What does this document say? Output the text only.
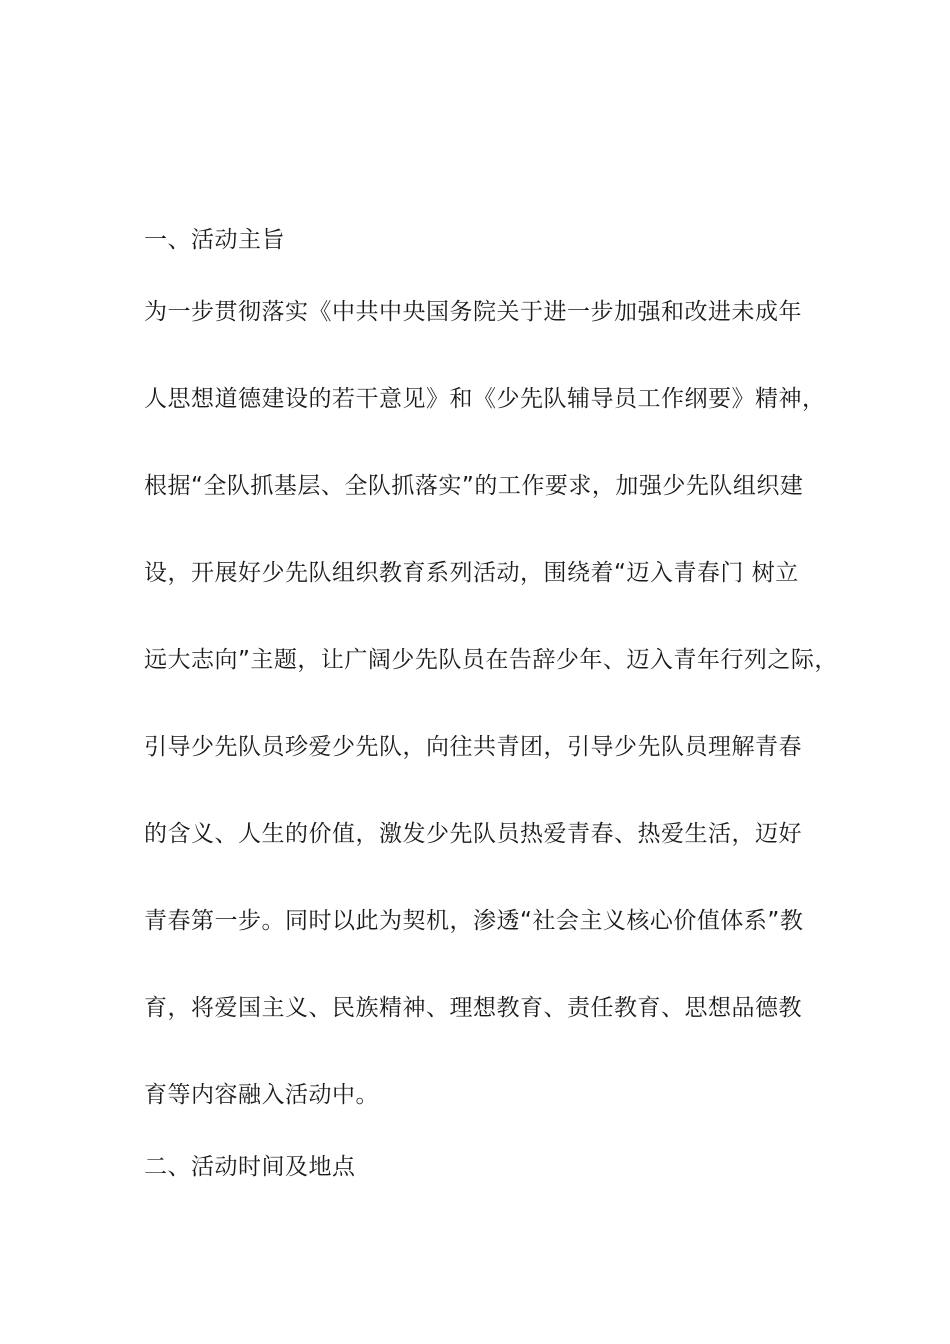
一、活动主旨
为一步贯彻落实《中共中央国务院关于进一步加强和改进未成年
人思想道德建设的若干意见》和《少先队辅导员工作纲要》精神，
根据“全队抓基层、全队抓落实”的工作要求，加强少先队组织建
设，开展好少先队组织教育系列活动，围绕着“迈入青春门 树立
远大志向”主题，让广阔少先队员在告辞少年、迈入青年行列之际，
引导少先队员珍爱少先队，向往共青团，引导少先队员理解青春
的含义、人生的价值，激发少先队员热爱青春、热爱生活，迈好
青春第一步。同时以此为契机，渗透“社会主义核心价值体系”教
育，将爱国主义、民族精神、理想教育、责任教育、思想品德教
育等内容融入活动中。
二、活动时间及地点
